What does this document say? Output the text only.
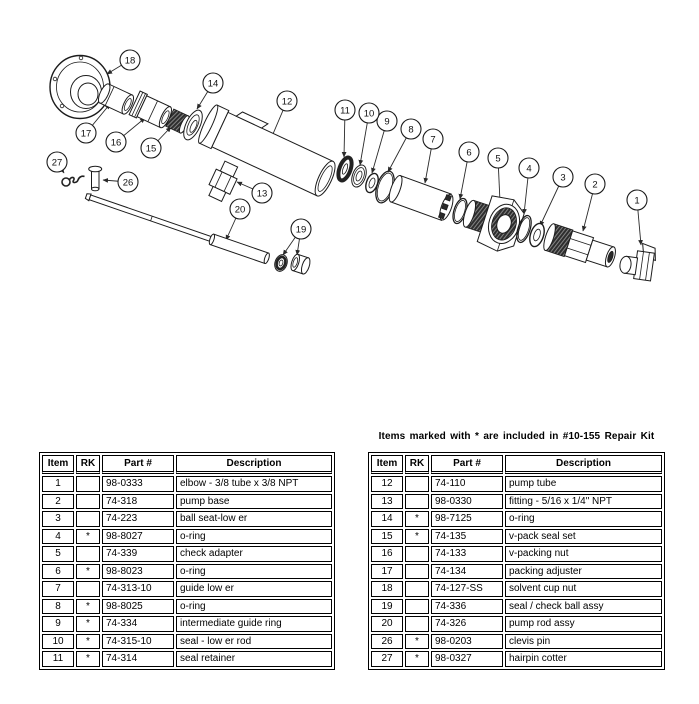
1
2
3
4
5
6
7
8
9
10
11
12
13
14
15
16
17
18
19
20
26
27
Items marked with * are included in #10-155 Repair Kit
Item	RK	Part #	Description
1		98-0333	elbow - 3/8 tube x 3/8 NPT
2		74-318	pump base
3		74-223	ball seat-low er
4	*	98-8027	o-ring
5		74-339	check adapter
6	*	98-8023	o-ring
7		74-313-10	guide low er
8	*	98-8025	o-ring
9	*	74-334	intermediate guide ring
10	*	74-315-10	seal - low er rod
11	*	74-314	seal retainer
Item	RK	Part #	Description
12		74-110	pump tube
13		98-0330	fitting - 5/16 x 1/4" NPT
14	*	98-7125	o-ring
15	*	74-135	v-pack seal set
16		74-133	v-packing nut
17		74-134	packing adjuster
18		74-127-SS	solvent cup nut
19		74-336	seal / check ball assy
20		74-326	pump rod assy
26	*	98-0203	clevis pin
27	*	98-0327	hairpin cotter
